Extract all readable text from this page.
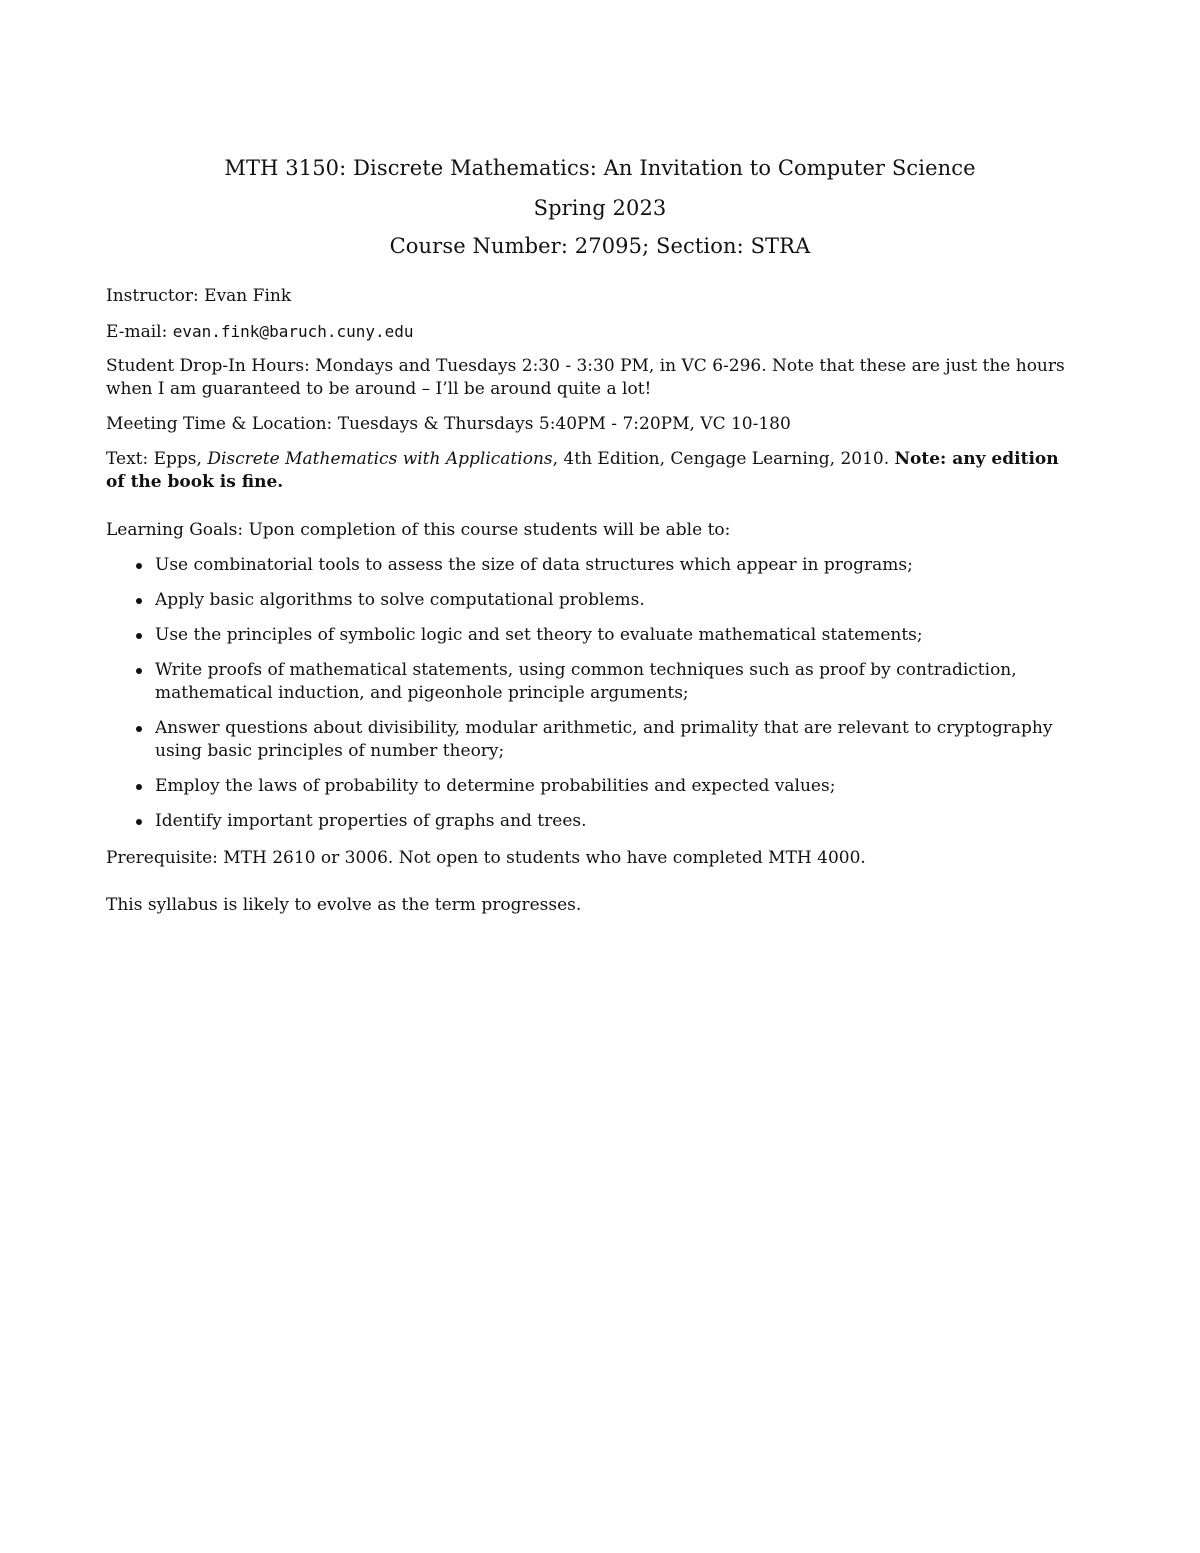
MTH 3150: Discrete Mathematics: An Invitation to Computer Science
Spring 2023
Course Number: 27095; Section: STRA
Instructor: Evan Fink
E-mail: evan.fink@baruch.cuny.edu
Student Drop-In Hours: Mondays and Tuesdays 2:30 - 3:30 PM, in VC 6-296. Note that these are just the hours when I am guaranteed to be around – I’ll be around quite a lot!
Meeting Time & Location: Tuesdays & Thursdays 5:40PM - 7:20PM, VC 10-180
Text: Epps, Discrete Mathematics with Applications, 4th Edition, Cengage Learning, 2010. Note: any edition of the book is fine.
Learning Goals: Upon completion of this course students will be able to:
Use combinatorial tools to assess the size of data structures which appear in programs;
Apply basic algorithms to solve computational problems.
Use the principles of symbolic logic and set theory to evaluate mathematical statements;
Write proofs of mathematical statements, using common techniques such as proof by contradiction, mathematical induction, and pigeonhole principle arguments;
Answer questions about divisibility, modular arithmetic, and primality that are relevant to cryptography using basic principles of number theory;
Employ the laws of probability to determine probabilities and expected values;
Identify important properties of graphs and trees.
Prerequisite: MTH 2610 or 3006. Not open to students who have completed MTH 4000.
This syllabus is likely to evolve as the term progresses.
